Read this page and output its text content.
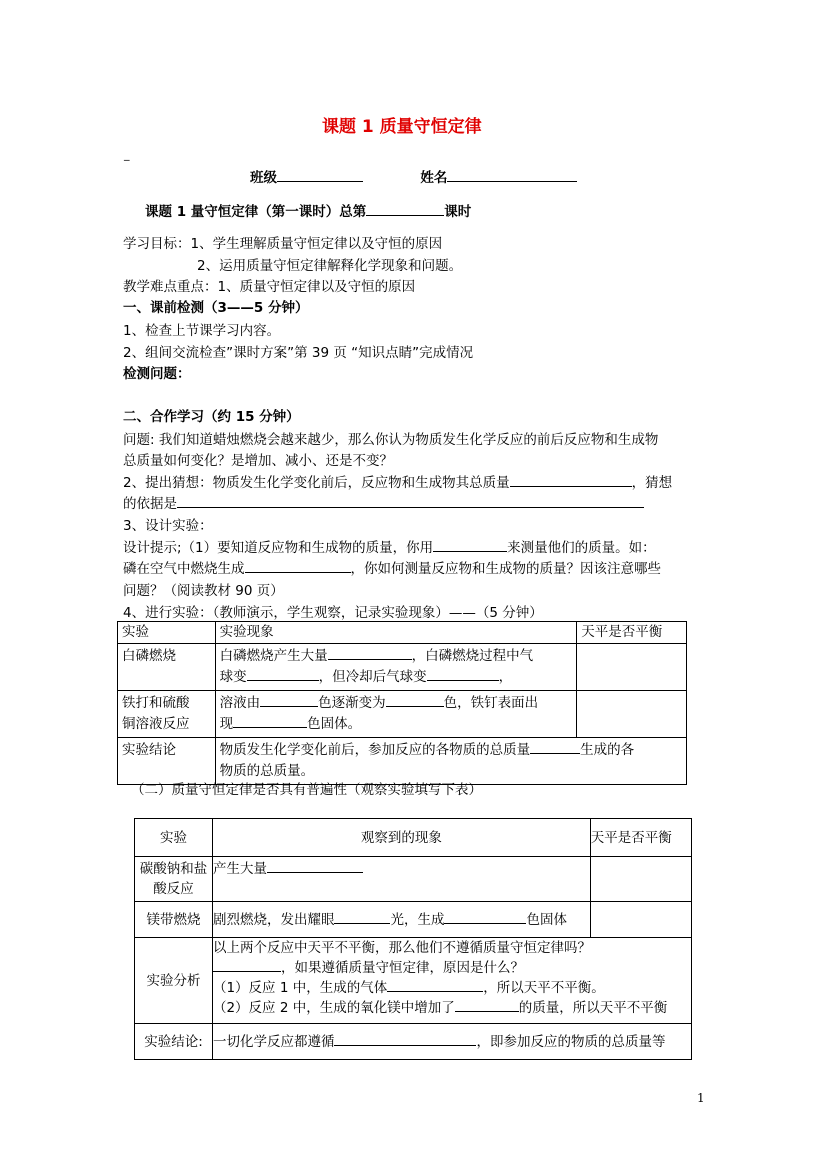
课题 1 质量守恒定律
_
班级	姓名
课题 1 量守恒定律（第一课时）总第	课时
学习目标：1、学生理解质量守恒定律以及守恒的原因
2、运用质量守恒定律解释化学现象和问题。
教学难点重点：1、质量守恒定律以及守恒的原因
一、课前检测（3——5 分钟）
1、检查上节课学习内容。
2、组间交流检查”课时方案”第 39 页 “知识点睛”完成情况
检测问题：
二、合作学习（约 15 分钟）
问题: 我们知道蜡烛燃烧会越来越少，那么你认为物质发生化学反应的前后反应物和生成物
总质量如何变化？是增加、减小、还是不变？
2、提出猜想：物质发生化学变化前后，反应物和生成物其总质量	，猜想
的依据是
3、设计实验：
设计提示;（1）要知道反应物和生成物的质量，你用	来测量他们的质量。如：
磷在空气中燃烧生成	，你如何测量反应物和生成物的质量？因该注意哪些
问题？（阅读教材 90 页）
4、进行实验：（教师演示，学生观察，记录实验现象）——（5 分钟）
实验	实验现象	天平是否平衡
白磷燃烧	白磷燃烧产生大量 ，白磷燃烧过程中气
球变 ，但冷却后气球变 ，	
铁打和硫酸
铜溶液反应	溶液由 色逐渐变为 色，铁钉表面出
现 色固体。	
实验结论	物质发生化学变化前后，参加反应的各物质的总质量 生成的各
物质的总质量。	
（二）质量守恒定律是否具有普遍性（观察实验填写下表）
实验	观察到的现象	天平是否平衡
碳酸钠和盐
酸反应	产生大量	
镁带燃烧	剧烈燃烧，发出耀眼 光，生成 色固体	
实验分析	以上两个反应中天平不平衡，那么他们不遵循质量守恒定律吗？
，如果遵循质量守恒定律，原因是什么？
（1）反应 1 中，生成的气体 ，所以天平不平衡。
（2）反应 2 中，生成的氧化镁中增加了 的质量，所以天平不平衡	
实验结论:	一切化学反应都遵循 ，即参加反应的物质的总质量等	
1
